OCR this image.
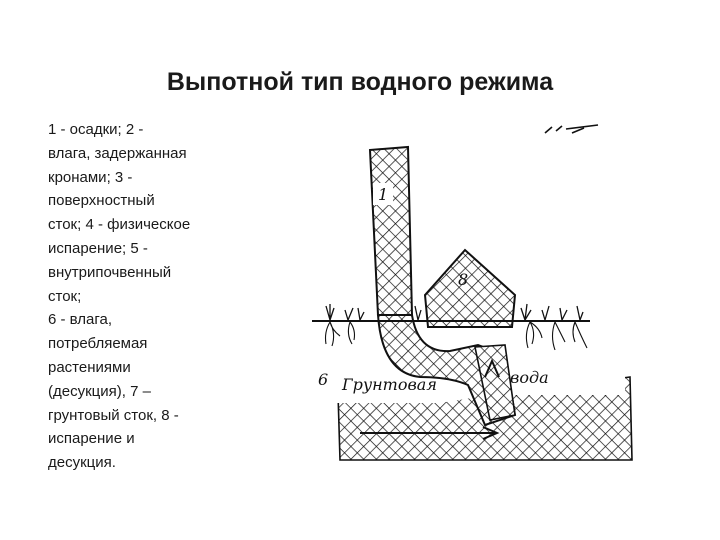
Выпотной тип водного режима
1 - осадки; 2 -
влага, задержанная
кронами; 3 -
поверхностный
сток; 4 - физическое
испарение; 5 -
внутрипочвенный
сток;
6 - влага,
потребляемая
растениями
(десукция), 7 –
грунтовый сток, 8 -
испарение и
десукция.
1
8
6 Грунтовая	вода
